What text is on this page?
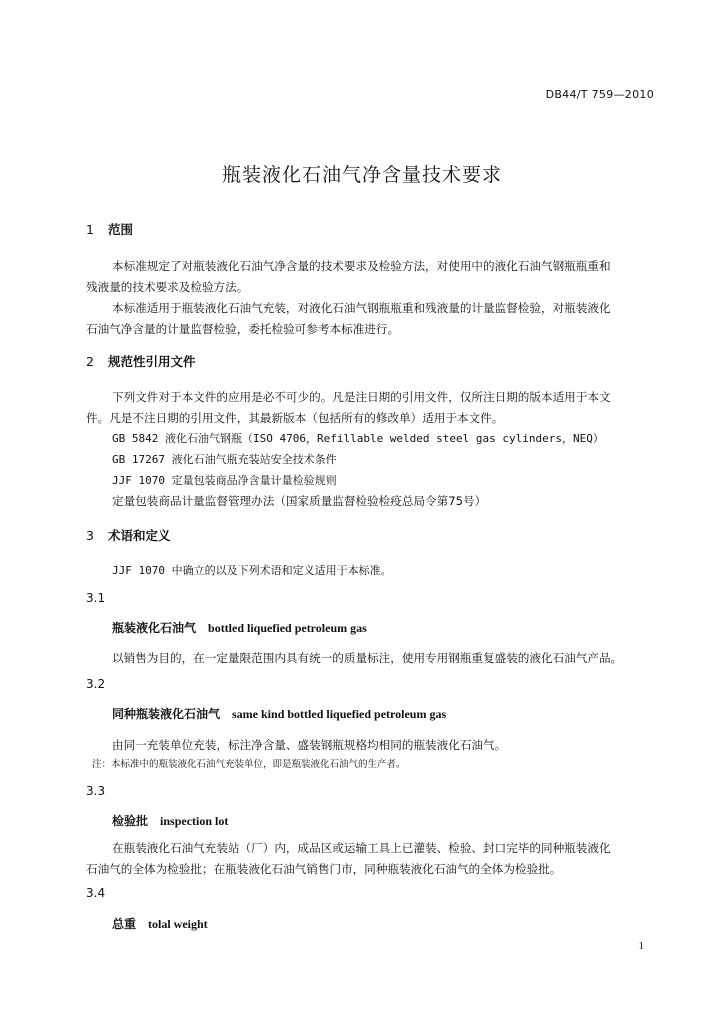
DB44/T 759—2010
瓶装液化石油气净含量技术要求
1 范围
本标准规定了对瓶装液化石油气净含量的技术要求及检验方法，对使用中的液化石油气钢瓶瓶重和
残液量的技术要求及检验方法。
本标准适用于瓶装液化石油气充装，对液化石油气钢瓶瓶重和残液量的计量监督检验，对瓶装液化
石油气净含量的计量监督检验，委托检验可参考本标准进行。
2 规范性引用文件
下列文件对于本文件的应用是必不可少的。凡是注日期的引用文件，仅所注日期的版本适用于本文
件。凡是不注日期的引用文件，其最新版本（包括所有的修改单）适用于本文件。
GB 5842 液化石油气钢瓶（ISO 4706，Refillable welded steel gas cylinders，NEQ）
GB 17267 液化石油气瓶充装站安全技术条件
JJF 1070 定量包装商品净含量计量检验规则
定量包装商品计量监督管理办法（国家质量监督检验检疫总局令第75号）
3 术语和定义
JJF 1070 中确立的以及下列术语和定义适用于本标准。
3.1
瓶装液化石油气 bottled liquefied petroleum gas
以销售为目的，在一定量限范围内具有统一的质量标注，使用专用钢瓶重复盛装的液化石油气产品。
3.2
同种瓶装液化石油气 same kind bottled liquefied petroleum gas
由同一充装单位充装，标注净含量、盛装钢瓶规格均相同的瓶装液化石油气。
注：本标准中的瓶装液化石油气充装单位，即是瓶装液化石油气的生产者。
3.3
检验批 inspection lot
在瓶装液化石油气充装站（厂）内，成品区或运输工具上已灌装、检验、封口完毕的同种瓶装液化
石油气的全体为检验批；在瓶装液化石油气销售门市，同种瓶装液化石油气的全体为检验批。
3.4
总重 tolal weight
1
